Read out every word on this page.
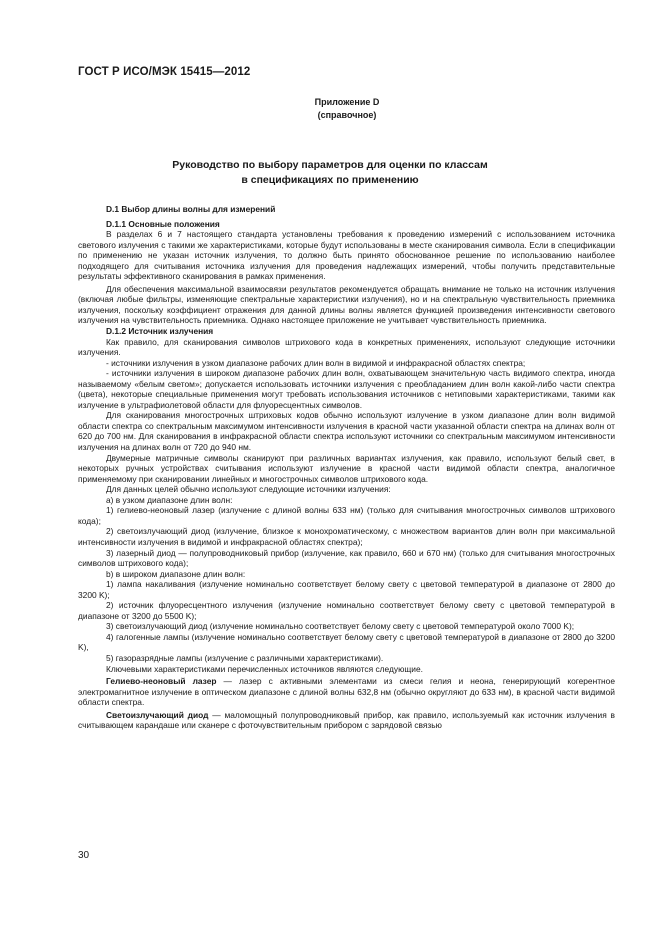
ГОСТ Р ИСО/МЭК 15415—2012
Приложение D
(справочное)
Руководство по выбору параметров для оценки по классам
в спецификациях по применению

D.1 Выбор длины волны для измерений

D.1.1 Основные положения

В разделах 6 и 7 настоящего стандарта установлены требования к проведению измерений с использованием источника светового излучения с такими же характеристиками, которые будут использованы в месте сканирования символа. Если в спецификации по применению не указан источник излучения, то должно быть принято обоснованное решение по использованию наиболее подходящего для считывания источника излучения для проведения надлежащих измерений, чтобы получить представительные результаты эффективного сканирования в рамках применения.

Для обеспечения максимальной взаимосвязи результатов рекомендуется обращать внимание не только на источник излучения (включая любые фильтры, изменяющие спектральные характеристики излучения), но и на спектральную чувствительность приемника излучения, поскольку коэффициент отражения для данной длины волны является функцией произведения интенсивности светового излучения на чувствительность приемника. Однако настоящее приложение не учитывает чувствительность приемника.

D.1.2 Источник излучения

Как правило, для сканирования символов штрихового кода в конкретных применениях, используют следующие источники излучения.

- источники излучения в узком диапазоне рабочих длин волн в видимой и инфракрасной областях спектра;

- источники излучения в широком диапазоне рабочих длин волн, охватывающем значительную часть видимого спектра, иногда называемому «белым светом»; допускается использовать источники излучения с преобладанием длин волн какой-либо части спектра (цвета), некоторые специальные применения могут требовать использования источников с нетиповыми характеристиками, такими как излучение в ультрафиолетовой области для флуоресцентных символов.

Для сканирования многострочных штриховых кодов обычно используют излучение в узком диапазоне длин волн видимой области спектра со спектральным максимумом интенсивности излучения в красной части указанной области спектра на длинах волн от 620 до 700 нм. Для сканирования в инфракрасной области спектра используют источники со спектральным максимумом интенсивности излучения на длинах волн от 720 до 940 нм.

Двумерные матричные символы сканируют при различных вариантах излучения, как правило, используют белый свет, в некоторых ручных устройствах считывания используют излучение в красной части видимой области спектра, аналогичное применяемому при сканировании линейных и многострочных символов штрихового кода.

Для данных целей обычно используют следующие источники излучения:

a) в узком диапазоне длин волн:

1) гелиево-неоновый лазер (излучение с длиной волны 633 нм) (только для считывания многострочных символов штрихового кода);

2) светоизлучающий диод (излучение, близкое к монохроматическому, с множеством вариантов длин волн при максимальной интенсивности излучения в видимой и инфракрасной областях спектра);

3) лазерный диод — полупроводниковый прибор (излучение, как правило, 660 и 670 нм) (только для считывания многострочных символов штрихового кода);

b) в широком диапазоне длин волн:

1) лампа накаливания (излучение номинально соответствует белому свету с цветовой температурой в диапазоне от 2800 до 3200 K);

2) источник флуоресцентного излучения (излучение номинально соответствует белому свету с цветовой температурой в диапазоне от 3200 до 5500 K);

3) светоизлучающий диод (излучение номинально соответствует белому свету с цветовой температурой около 7000 K);

4) галогенные лампы (излучение номинально соответствует белому свету с цветовой температурой в диапазоне от 2800 до 3200 K),

5) газоразрядные лампы (излучение с различными характеристиками).

Ключевыми характеристиками перечисленных источников являются следующие.

Гелиево-неоновый лазер — лазер с активными элементами из смеси гелия и неона, генерирующий когерентное электромагнитное излучение в оптическом диапазоне с длиной волны 632,8 нм (обычно округляют до 633 нм), в красной части видимой области спектра.

Светоизлучающий диод — маломощный полупроводниковый прибор, как правило, используемый как источник излучения в считывающем карандаше или сканере с фоточувствительным прибором с зарядовой связью

30
